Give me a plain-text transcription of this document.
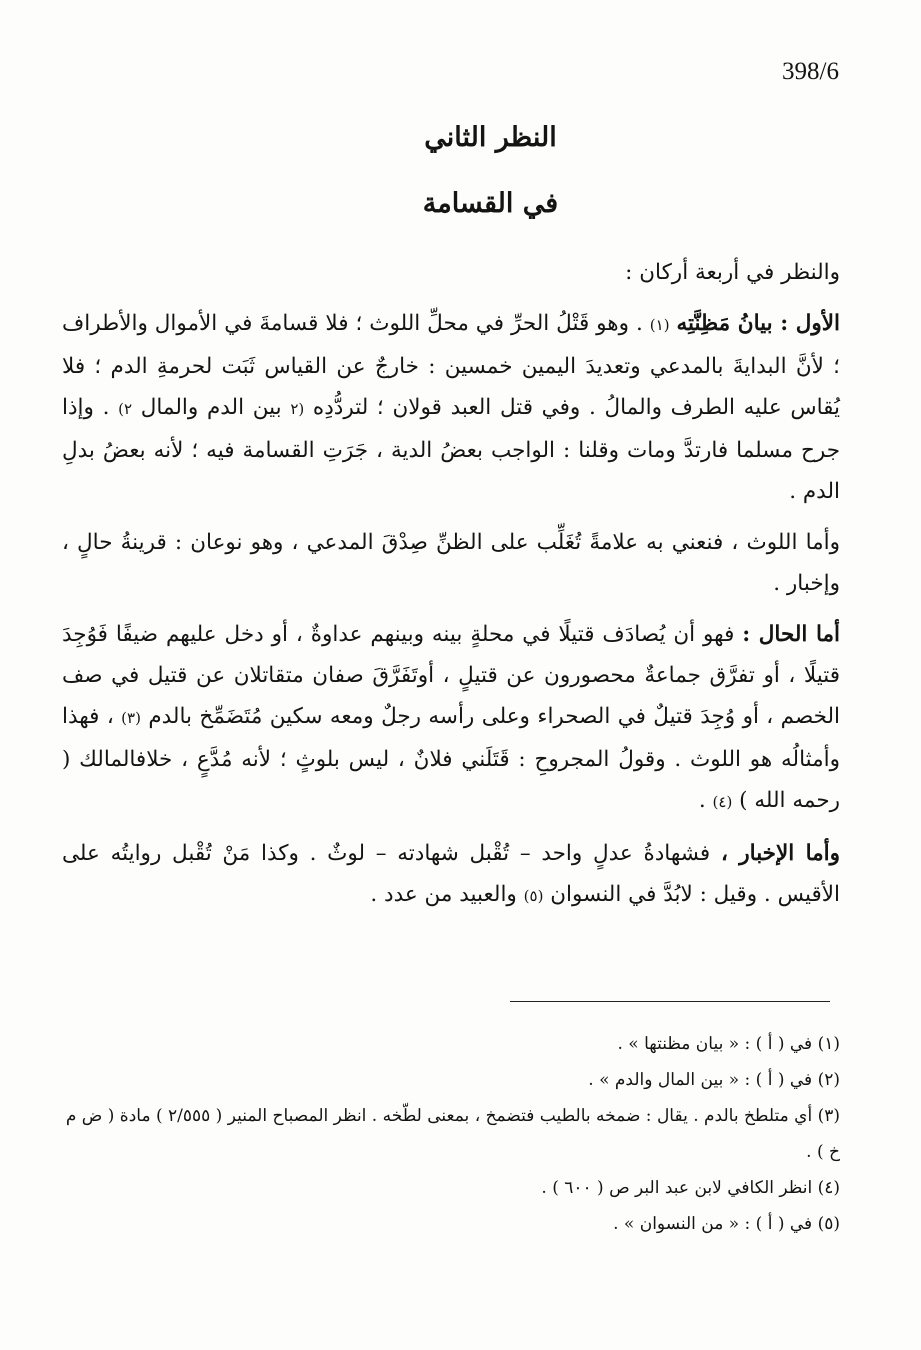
398/6
النظر الثاني
في القسامة

والنظر في أربعة أركان :

الأول : بيانُ مَظِنَّتِه (١) . وهو قَتْلُ الحرِّ في محلِّ اللوث ؛ فلا قسامةَ في الأموال والأطراف ؛ لأنَّ البدايةَ بالمدعي وتعديدَ اليمين خمسين : خارجٌ عن القياس ثَبَت لحرمةِ الدم ؛ فلا يُقاس عليه الطرف والمالُ . وفي قتل العبد قولان ؛ لتردُّدِه (٢ بين الدم والمال ٢) . وإذا جرح مسلما فارتدَّ ومات وقلنا : الواجب بعضُ الدية ، جَرَتِ القسامة فيه ؛ لأنه بعضُ بدلِ الدم .

وأما اللوث ، فنعني به علامةً تُغَلِّب على الظنِّ صِدْقَ المدعي ، وهو نوعان : قرينةُ حالٍ ، وإخبار .

أما الحال : فهو أن يُصادَف قتيلًا في محلةٍ بينه وبينهم عداوةٌ ، أو دخل عليهم ضيفًا فَوُجِدَ قتيلًا ، أو تفرَّق جماعةٌ محصورون عن قتيلٍ ، أوتَفَرَّقَ صفان متقاتلان عن قتيل في صف الخصم ، أو وُجِدَ قتيلٌ في الصحراء وعلى رأسه رجلٌ ومعه سكين مُتَضَمِّخ بالدم (٣) ، فهذا وأمثالُه هو اللوث . وقولُ المجروحِ : قَتَلَني فلانٌ ، ليس بلوثٍ ؛ لأنه مُدَّعٍ ، خلافالمالك ( رحمه الله ) (٤) .

وأما الإخبار ، فشهادةُ عدلٍ واحد – تُقْبل شهادته – لوثٌ . وكذا مَنْ تُقْبل روايتُه على الأقيس . وقيل : لابُدَّ في النسوان (٥) والعبيد من عدد .

(١) في ( أ ) : « بيان مظنتها » .

(٢) في ( أ ) : « بين المال والدم » .

(٣) أي متلطخ بالدم . يقال : ضمخه بالطيب فتضمخ ، بمعنى لطّخه . انظر المصباح المنير ( ٢/٥٥٥ ) مادة ( ض م خ ) .

(٤) انظر الكافي لابن عبد البر ص ( ٦٠٠ ) .

(٥) في ( أ ) : « من النسوان » .
